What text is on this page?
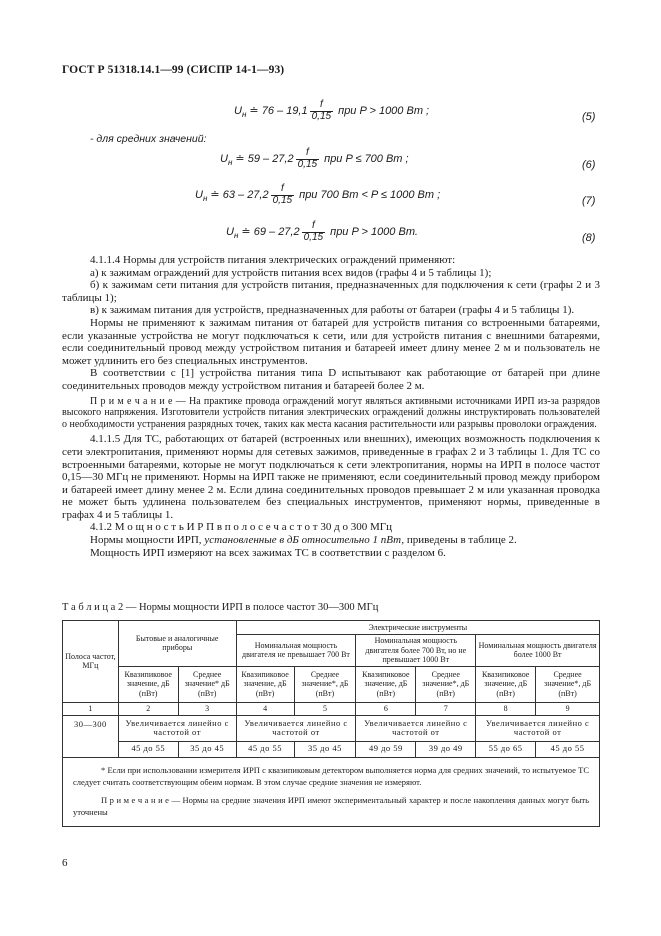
ГОСТ Р 51318.14.1—99 (СИСПР 14-1—93)
$U_н$ ≐ $76 - 19,1 \frac{f}{0,15}$ при P > 1000 Вт ;
(5)
- для средних значений:
$U_н$ ≐ $59 - 27,2 \frac{f}{0,15}$ при P ≤ 700 Вт ;
(6)
$U_н$ ≐ $63 - 27,2 \frac{f}{0,15}$ при 700 Вт < P ≤ 1000 Вт ;
(7)
$U_н$ ≐ $69 - 27,2 \frac{f}{0,15}$ при P > 1000 Вт.
(8)

4.1.1.4 Нормы для устройств питания электрических ограждений применяют:

а) к зажимам ограждений для устройств питания всех видов (графы 4 и 5 таблицы 1);

б) к зажимам сети питания для устройств питания, предназначенных для подключения к сети (графы 2 и 3 таблицы 1);

в) к зажимам питания для устройств, предназначенных для работы от батареи (графы 4 и 5 таблицы 1).

Нормы не применяют к зажимам питания от батарей для устройств питания со встроенными батареями, если указанные устройства не могут подключаться к сети, или для устройств питания с внешними батареями, если соединительный провод между устройством питания и батареей имеет длину менее 2 м и пользователь не может удлинить его без специальных инструментов.

В соответствии с [1] устройства питания типа D испытывают как работающие от батарей при длине соединительных проводов между устройством питания и батареей более 2 м.

П р и м е ч а н и е — На практике провода ограждений могут являться активными источниками ИРП из-за разрядов высокого напряжения. Изготовители устройств питания электрических ограждений должны инструктировать пользователей о необходимости устранения разрядных точек, таких как места касания растительности или разрывы проволоки ограждения.

4.1.1.5 Для ТС, работающих от батарей (встроенных или внешних), имеющих возможность подключения к сети электропитания, применяют нормы для сетевых зажимов, приведенные в графах 2 и 3 таблицы 1. Для ТС со встроенными батареями, которые не могут подключаться к сети электропитания, нормы на ИРП в полосе частот 0,15—30 МГц не применяют. Нормы на ИРП также не применяют, если соединительный провод между прибором и батареей имеет длину менее 2 м. Если длина соединительных проводов превышает 2 м или указанная проводка не может быть удлинена пользователем без специальных инструментов, применяют нормы, приведенные в графах 4 и 5 таблицы 1.

4.1.2 М о щ н о с т ь И Р П в п о л о с е ч а с т о т 30 д о 300 МГц

Нормы мощности ИРП, установленные в дБ относительно 1 пВт, приведены в таблице 2.

Мощность ИРП измеряют на всех зажимах ТС в соответствии с разделом 6.

Т а б л и ц а 2 — Нормы мощности ИРП в полосе частот 30—300 МГц
Полоса частот, МГц	Бытовые и аналогичные приборы		Электрические инструменты					
			Номинальная мощность двигателя не превышает 700 Вт		Номинальная мощность двигателя более 700 Вт, но не превышает 1000 Вт		Номинальная мощность двигателя более 1000 Вт	
	Квазипиковое значение, дБ (пВт)	Среднее значение* дБ (пВт)	Квазипиковое значение, дБ (пВт)	Среднее значение*, дБ (пВт)	Квазипиковое значение, дБ (пВт)	Среднее значение*, дБ (пВт)	Квазипиковое значение, дБ (пВт)	Среднее значение*, дБ (пВт)
1	2	3	4	5	6	7	8	9
30—300	Увеличивается линейно с частотой от		Увеличивается линейно с частотой от		Увеличивается линейно с частотой от		Увеличивается линейно с частотой от	
	45 до 55	35 до 45	45 до 55	35 до 45	49 до 59	39 до 49	55 до 65	45 до 55

* Если при использовании измерителя ИРП с квазипиковым детектором выполняется норма для средних значений, то испытуемое ТС следует считать соответствующим обеим нормам. В этом случае средние значения не измеряют.

П р и м е ч а н и е — Нормы на средние значения ИРП имеют экспериментальный характер и после накопления данных могут быть уточнены								

6
